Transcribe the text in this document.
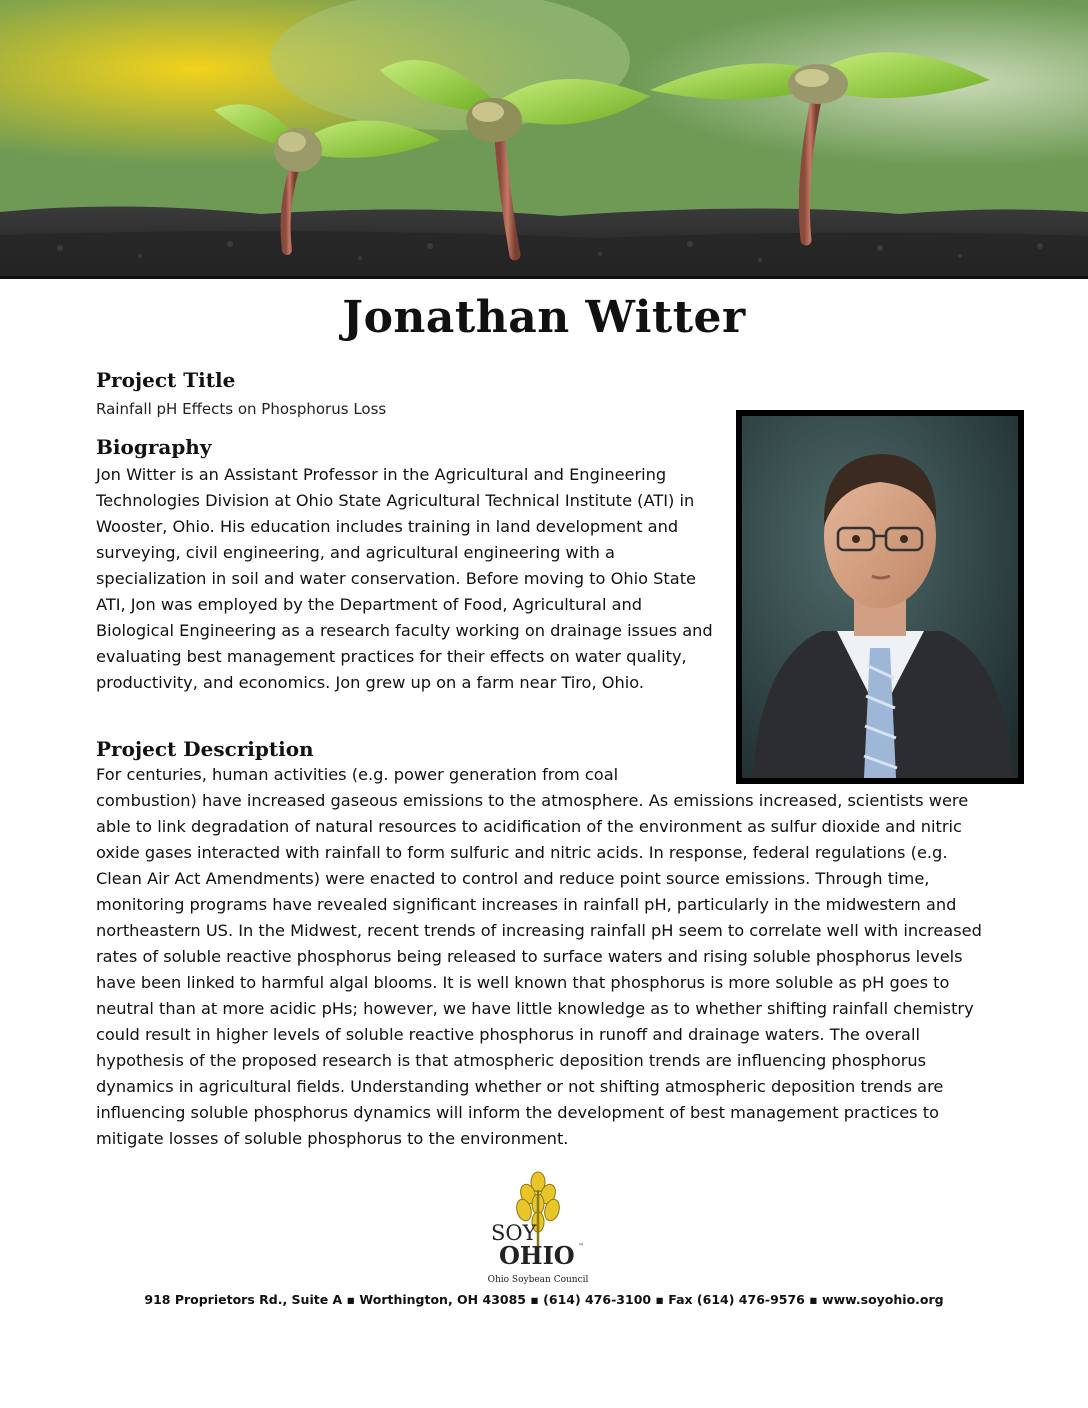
Jonathan Witter
Project Title

Rainfall pH Effects on Phosphorus Loss

Biography

Jon Witter is an Assistant Professor in the Agricultural and Engineering Technologies Division at Ohio State Agricultural Technical Institute (ATI) in Wooster, Ohio. His education includes training in land development and surveying, civil engineering, and agricultural engineering with a specialization in soil and water conservation. Before moving to Ohio State ATI, Jon was employed by the Department of Food, Agricultural and Biological Engineering as a research faculty working on drainage issues and evaluating best management practices for their effects on water quality, productivity, and economics. Jon grew up on a farm near Tiro, Ohio.

Project Description

For centuries, human activities (e.g. power generation from coal combustion) have increased gaseous emissions to the atmosphere. As emissions increased, scientists were able to link degradation of natural resources to acidification of the environment as sulfur dioxide and nitric oxide gases interacted with rainfall to form sulfuric and nitric acids. In response, federal regulations (e.g. Clean Air Act Amendments) were enacted to control and reduce point source emissions. Through time, monitoring programs have revealed significant increases in rainfall pH, particularly in the midwestern and northeastern US. In the Midwest, recent trends of increasing rainfall pH seem to correlate well with increased rates of soluble reactive phosphorus being released to surface waters and rising soluble phosphorus levels have been linked to harmful algal blooms. It is well known that phosphorus is more soluble as pH goes to neutral than at more acidic pHs; however, we have little knowledge as to whether shifting rainfall chemistry could result in higher levels of soluble reactive phosphorus in runoff and drainage waters. The overall hypothesis of the proposed research is that atmospheric deposition trends are influencing phosphorus dynamics in agricultural fields. Understanding whether or not shifting atmospheric deposition trends are influencing soluble phosphorus dynamics will inform the development of best management practices to mitigate losses of soluble phosphorus to the environment.

SOY
OHIO ™
Ohio Soybean Council

918 Proprietors Rd., Suite A ▪ Worthington, OH 43085 ▪ (614) 476-3100 ▪ Fax (614) 476-9576 ▪ www.soyohio.org
